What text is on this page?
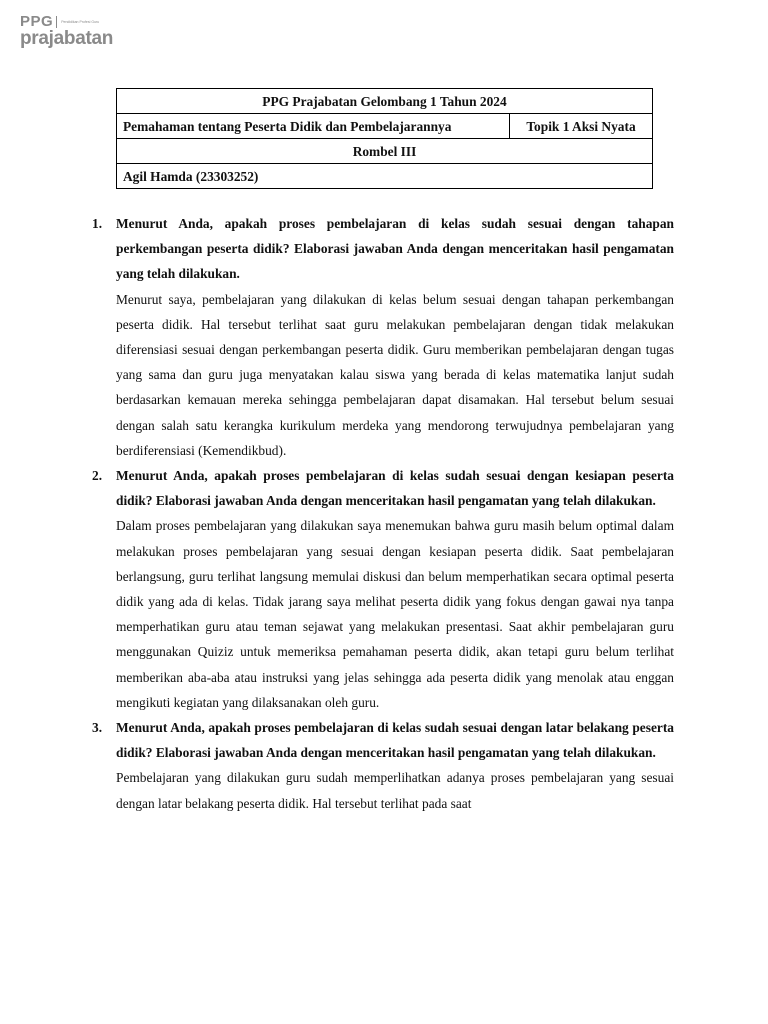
PPG Pendidikan Profesi Guru
prajabatan
PPG Prajabatan Gelombang 1 Tahun 2024
Pemahaman tentang Peserta Didik dan Pembelajarannya	Topik 1 Aksi Nyata
Rombel III
Agil Hamda (23303252)
1. Menurut Anda, apakah proses pembelajaran di kelas sudah sesuai dengan tahapan perkembangan peserta didik? Elaborasi jawaban Anda dengan menceritakan hasil pengamatan yang telah dilakukan.

Menurut saya, pembelajaran yang dilakukan di kelas belum sesuai dengan tahapan perkembangan peserta didik. Hal tersebut terlihat saat guru melakukan pembelajaran dengan tidak melakukan diferensiasi sesuai dengan perkembangan peserta didik. Guru memberikan pembelajaran dengan tugas yang sama dan guru juga menyatakan kalau siswa yang berada di kelas matematika lanjut sudah berdasarkan kemauan mereka sehingga pembelajaran dapat disamakan. Hal tersebut belum sesuai dengan salah satu kerangka kurikulum merdeka yang mendorong terwujudnya pembelajaran yang berdiferensiasi (Kemendikbud).

2. Menurut Anda, apakah proses pembelajaran di kelas sudah sesuai dengan kesiapan peserta didik? Elaborasi jawaban Anda dengan menceritakan hasil pengamatan yang telah dilakukan.

Dalam proses pembelajaran yang dilakukan saya menemukan bahwa guru masih belum optimal dalam melakukan proses pembelajaran yang sesuai dengan kesiapan peserta didik. Saat pembelajaran berlangsung, guru terlihat langsung memulai diskusi dan belum memperhatikan secara optimal peserta didik yang ada di kelas. Tidak jarang saya melihat peserta didik yang fokus dengan gawai nya tanpa memperhatikan guru atau teman sejawat yang melakukan presentasi. Saat akhir pembelajaran guru menggunakan Quiziz untuk memeriksa pemahaman peserta didik, akan tetapi guru belum terlihat memberikan aba-aba atau instruksi yang jelas sehingga ada peserta didik yang menolak atau enggan mengikuti kegiatan yang dilaksanakan oleh guru.

3. Menurut Anda, apakah proses pembelajaran di kelas sudah sesuai dengan latar belakang peserta didik? Elaborasi jawaban Anda dengan menceritakan hasil pengamatan yang telah dilakukan.

Pembelajaran yang dilakukan guru sudah memperlihatkan adanya proses pembelajaran yang sesuai dengan latar belakang peserta didik. Hal tersebut terlihat pada saat
